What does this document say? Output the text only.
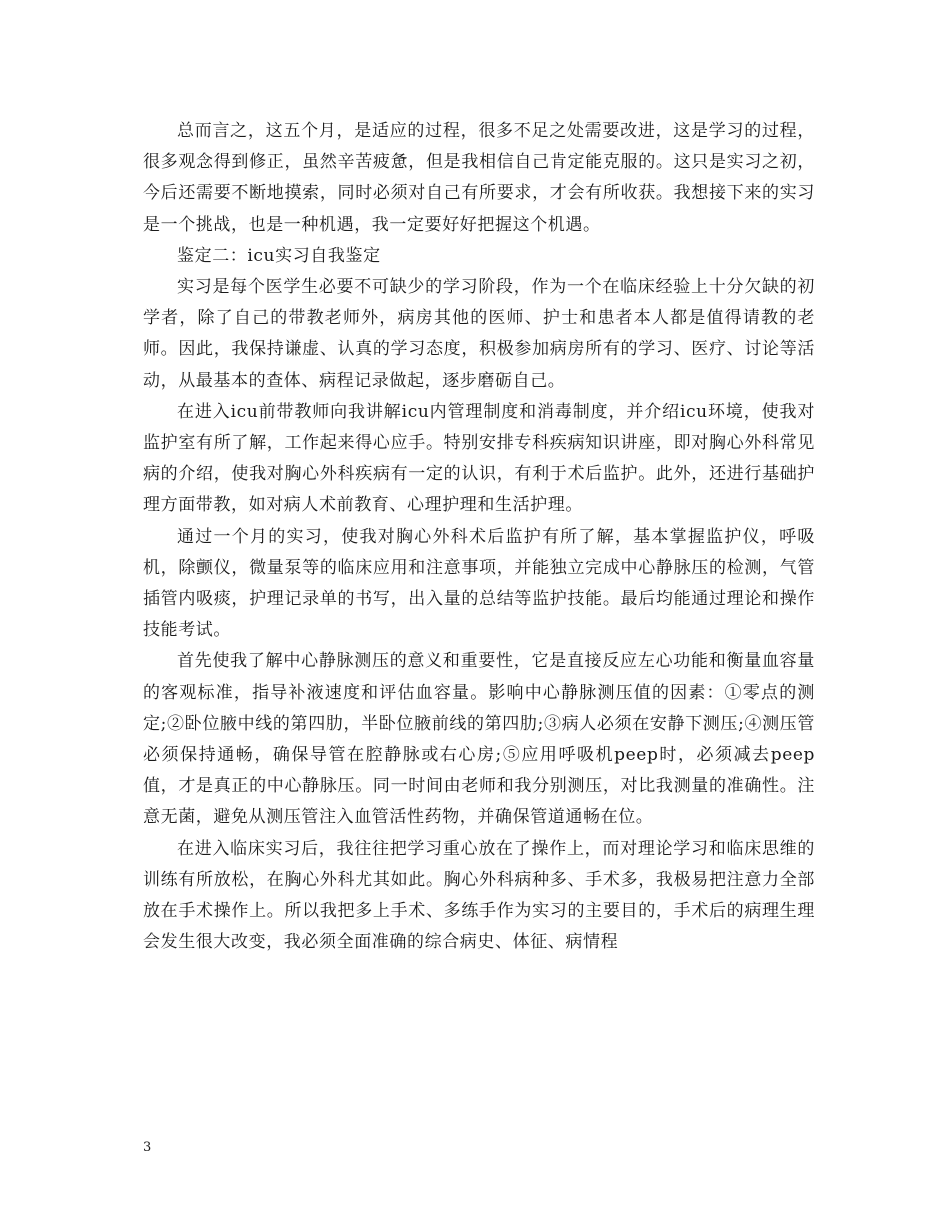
总而言之，这五个月，是适应的过程，很多不足之处需要改进，这是学习的过程，很多观念得到修正，虽然辛苦疲惫，但是我相信自己肯定能克服的。这只是实习之初，今后还需要不断地摸索，同时必须对自己有所要求，才会有所收获。我想接下来的实习是一个挑战，也是一种机遇，我一定要好好把握这个机遇。

鉴定二：icu实习自我鉴定

实习是每个医学生必要不可缺少的学习阶段，作为一个在临床经验上十分欠缺的初学者，除了自己的带教老师外，病房其他的医师、护士和患者本人都是值得请教的老师。因此，我保持谦虚、认真的学习态度，积极参加病房所有的学习、医疗、讨论等活动，从最基本的查体、病程记录做起，逐步磨砺自己。

在进入icu前带教师向我讲解icu内管理制度和消毒制度，并介绍icu环境，使我对监护室有所了解，工作起来得心应手。特别安排专科疾病知识讲座，即对胸心外科常见病的介绍，使我对胸心外科疾病有一定的认识，有利于术后监护。此外，还进行基础护理方面带教，如对病人术前教育、心理护理和生活护理。

通过一个月的实习，使我对胸心外科术后监护有所了解，基本掌握监护仪，呼吸机，除颤仪，微量泵等的临床应用和注意事项，并能独立完成中心静脉压的检测，气管插管内吸痰，护理记录单的书写，出入量的总结等监护技能。最后均能通过理论和操作技能考试。

首先使我了解中心静脉测压的意义和重要性，它是直接反应左心功能和衡量血容量的客观标准，指导补液速度和评估血容量。影响中心静脉测压值的因素：①零点的测定;②卧位腋中线的第四肋，半卧位腋前线的第四肋;③病人必须在安静下测压;④测压管必须保持通畅，确保导管在腔静脉或右心房;⑤应用呼吸机peep时，必须减去peep值，才是真正的中心静脉压。同一时间由老师和我分别测压，对比我测量的准确性。注意无菌，避免从测压管注入血管活性药物，并确保管道通畅在位。

在进入临床实习后，我往往把学习重心放在了操作上，而对理论学习和临床思维的训练有所放松，在胸心外科尤其如此。胸心外科病种多、手术多，我极易把注意力全部放在手术操作上。所以我把多上手术、多练手作为实习的主要目的，手术后的病理生理会发生很大改变，我必须全面准确的综合病史、体征、病情程

3
